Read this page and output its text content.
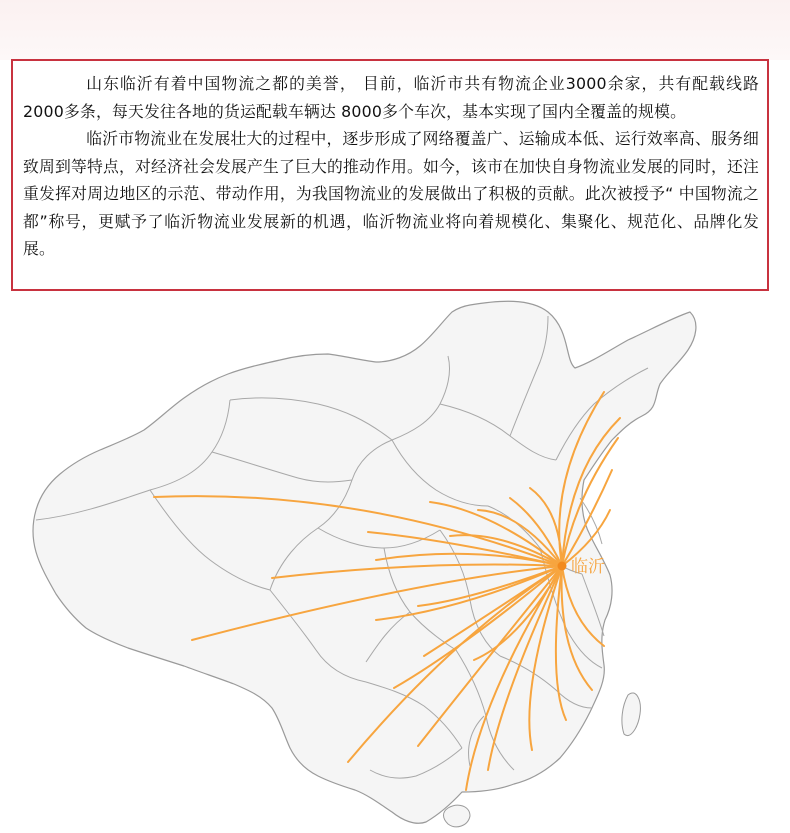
山东临沂有着中国物流之都的美誉， 目前，临沂市共有物流企业3000余家，共有配载线路2000多条，每天发往各地的货运配载车辆达 8000多个车次，基本实现了国内全覆盖的规模。

临沂市物流业在发展壮大的过程中，逐步形成了网络覆盖广、运输成本低、运行效率高、服务细致周到等特点，对经济社会发展产生了巨大的推动作用。如今，该市在加快自身物流业发展的同时，还注重发挥对周边地区的示范、带动作用，为我国物流业的发展做出了积极的贡献。此次被授予“ 中国物流之都”称号，更赋予了临沂物流业发展新的机遇，临沂物流业将向着规模化、集聚化、规范化、品牌化发展。

临沂
